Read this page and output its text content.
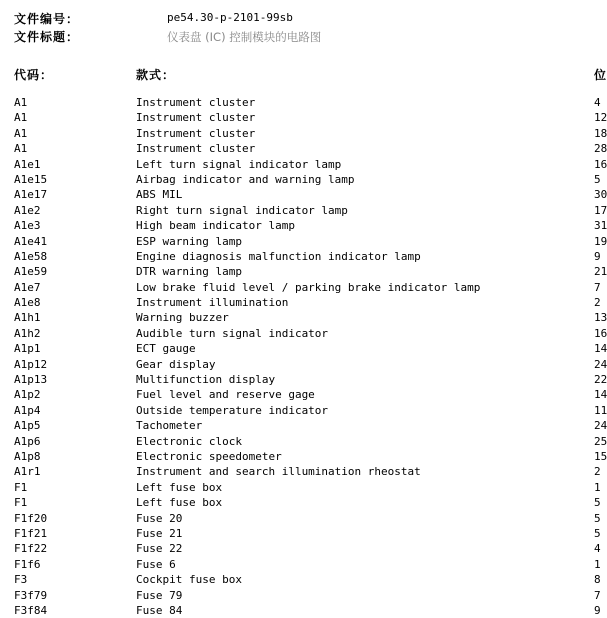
文件编号：	pe54.30-p-2101-99sb
文件标题：	仪表盘 (IC) 控制模块的电路图
代码：	款式：	位
A1	Instrument cluster	4
A1	Instrument cluster	12
A1	Instrument cluster	18
A1	Instrument cluster	28
A1e1	Left turn signal indicator lamp	16
A1e15	Airbag indicator and warning lamp	5
A1e17	ABS MIL	30
A1e2	Right turn signal indicator lamp	17
A1e3	High beam indicator lamp	31
A1e41	ESP warning lamp	19
A1e58	Engine diagnosis malfunction indicator lamp	9
A1e59	DTR warning lamp	21
A1e7	Low brake fluid level / parking brake indicator lamp	7
A1e8	Instrument illumination	2
A1h1	Warning buzzer	13
A1h2	Audible turn signal indicator	16
A1p1	ECT gauge	14
A1p12	Gear display	24
A1p13	Multifunction display	22
A1p2	Fuel level and reserve gage	14
A1p4	Outside temperature indicator	11
A1p5	Tachometer	24
A1p6	Electronic clock	25
A1p8	Electronic speedometer	15
A1r1	Instrument and search illumination rheostat	2
F1	Left fuse box	1
F1	Left fuse box	5
F1f20	Fuse 20	5
F1f21	Fuse 21	5
F1f22	Fuse 22	4
F1f6	Fuse 6	1
F3	Cockpit fuse box	8
F3f79	Fuse 79	7
F3f84	Fuse 84	9
